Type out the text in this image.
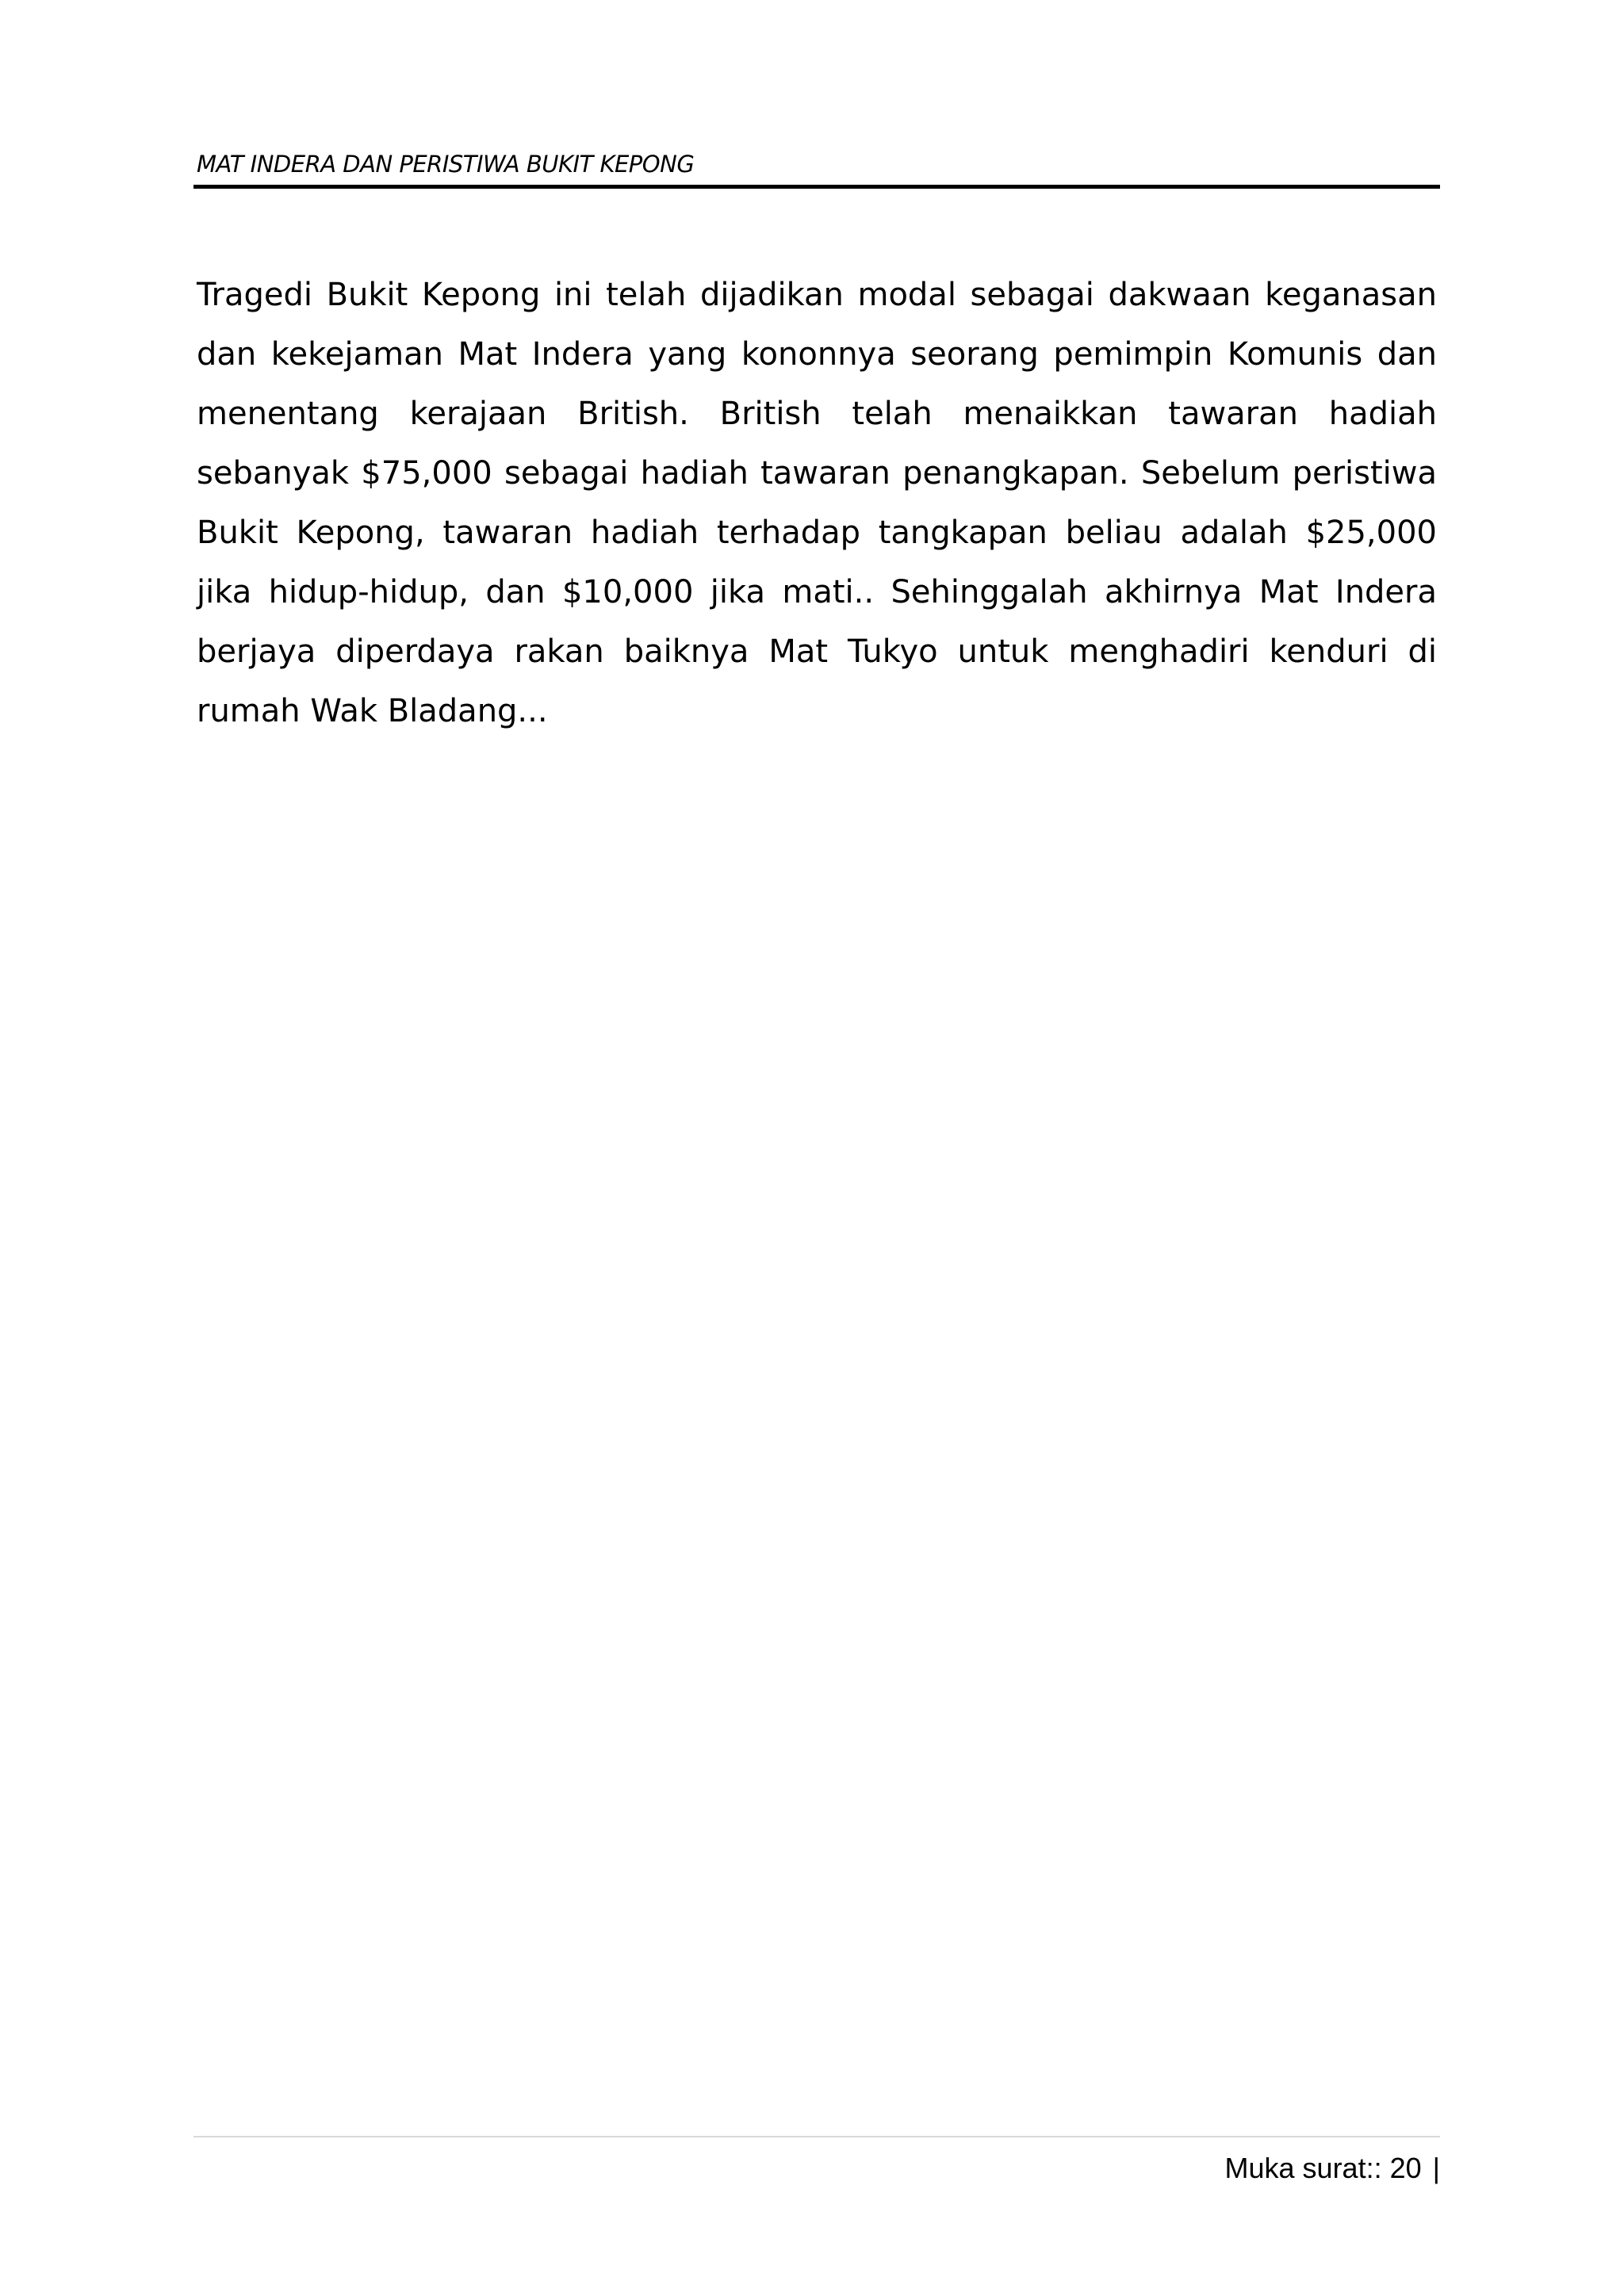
MAT INDERA DAN PERISTIWA BUKIT KEPONG

Tragedi Bukit Kepong ini telah dijadikan modal sebagai dakwaan keganasan dan kekejaman Mat Indera yang kononnya seorang pemimpin Komunis dan menentang kerajaan British. British telah menaikkan tawaran hadiah sebanyak $75,000 sebagai hadiah tawaran penangkapan. Sebelum peristiwa Bukit Kepong, tawaran hadiah terhadap tangkapan beliau adalah $25,000 jika hidup-hidup, dan $10,000 jika mati.. Sehinggalah akhirnya Mat Indera berjaya diperdaya rakan baiknya Mat Tukyo untuk menghadiri kenduri di rumah Wak Bladang...

Muka surat:: 20 |
